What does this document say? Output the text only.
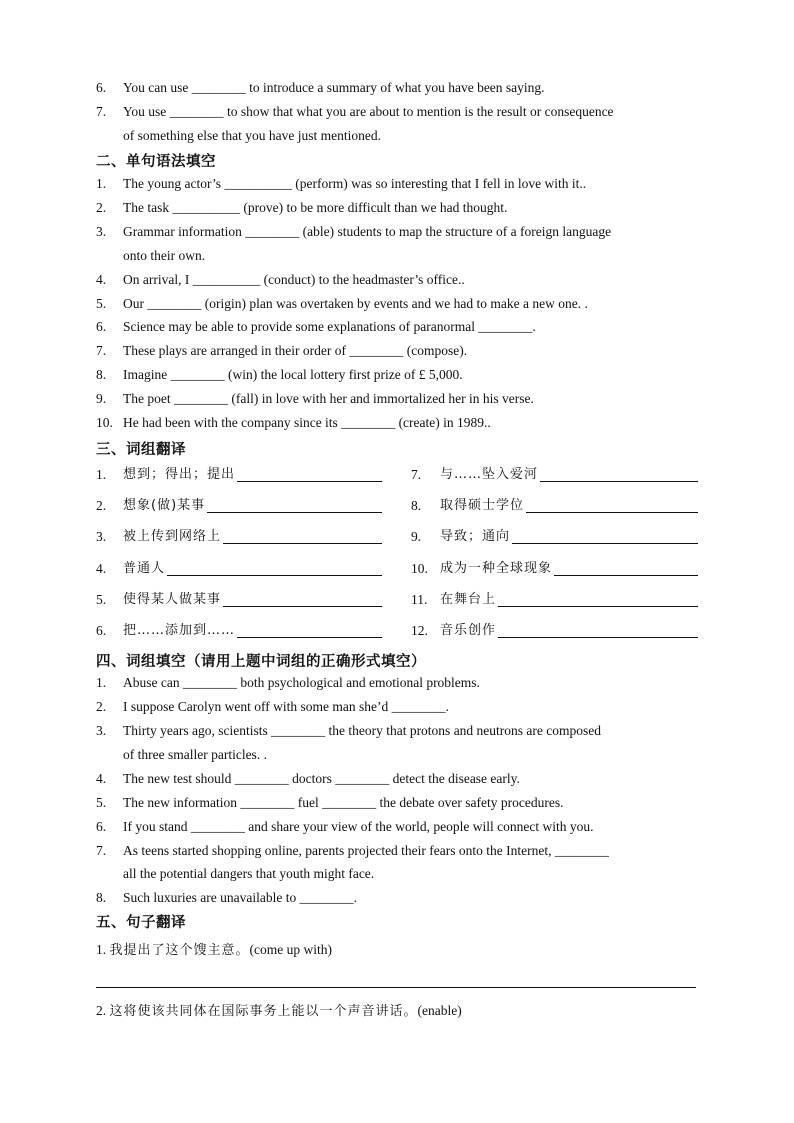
6. You can use ________ to introduce a summary of what you have been saying.
7. You use ________ to show that what you are about to mention is the result or consequence
of something else that you have just mentioned.
二、单句语法填空
1. The young actor’s __________ (perform) was so interesting that I fell in love with it..
2. The task __________ (prove) to be more difficult than we had thought.
3. Grammar information ________ (able) students to map the structure of a foreign language
onto their own.
4. On arrival, I __________ (conduct) to the headmaster’s office..
5. Our ________ (origin) plan was overtaken by events and we had to make a new one. .
6. Science may be able to provide some explanations of paranormal ________.
7. These plays are arranged in their order of ________ (compose).
8. Imagine ________ (win) the local lottery first prize of £ 5,000.
9. The poet ________ (fall) in love with her and immortalized her in his verse.
10. He had been with the company since its ________ (create) in 1989..
三、词组翻译
1. 想到；得出；提出
2. 想象(做)某事
3. 被上传到网络上
4. 普通人
5. 使得某人做某事
6. 把……添加到……
7. 与……坠入爱河
8. 取得硕士学位
9. 导致；通向
10. 成为一种全球现象
11. 在舞台上
12. 音乐创作
四、词组填空（请用上题中词组的正确形式填空）
1. Abuse can ________ both psychological and emotional problems.
2. I suppose Carolyn went off with some man she’d ________.
3. Thirty years ago, scientists ________ the theory that protons and neutrons are composed
of three smaller particles. .
4. The new test should ________ doctors ________ detect the disease early.
5. The new information ________ fuel ________ the debate over safety procedures.
6. If you stand ________ and share your view of the world, people will connect with you.
7. As teens started shopping online, parents projected their fears onto the Internet, ________
all the potential dangers that youth might face.
8. Such luxuries are unavailable to ________.
五、句子翻译
1. 我提出了这个馊主意。(come up with)
2. 这将使该共同体在国际事务上能以一个声音讲话。(enable)
